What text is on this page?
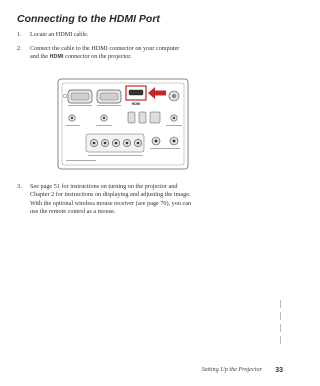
Connecting to the HDMI Port
1. Locate an HDMI cable.
2. Connect the cable to the HDMI connector on your computer
and the HDMI connector on the projector.
HDMI
3. See page 51 for instructions on turning on the projector and
Chapter 2 for instructions on displaying and adjusting the image.
With the optional wireless mouse receiver (see page 70), you can
use the remote control as a mouse.
Setting Up the Projector 33
